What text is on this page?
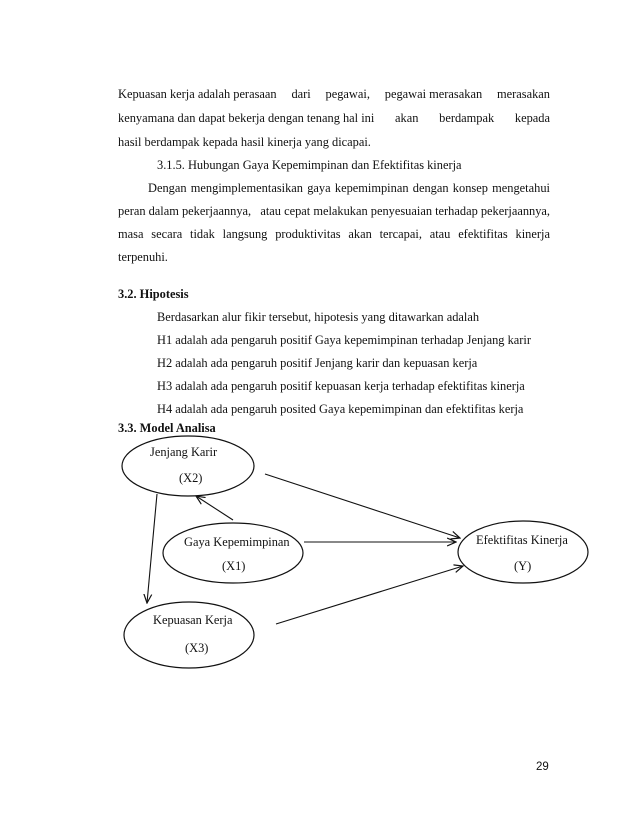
Kepuasan kerja adalah perasaan dari pegawai, pegawai merasakan merasakan
kenyamana dan dapat bekerja dengan tenang hal ini akan berdampak kepada
hasil berdampak kepada hasil kinerja yang dicapai.
3.1.5. Hubungan Gaya Kepemimpinan dan Efektifitas kinerja
Dengan mengimplementasikan gaya kepemimpinan dengan konsep mengetahui
peran dalam pekerjaannya, atau cepat melakukan penyesuaian terhadap pekerjaannya,
masa secara tidak langsung produktivitas akan tercapai, atau efektifitas kinerja
terpenuhi.
3.2. Hipotesis
Berdasarkan alur fikir tersebut, hipotesis yang ditawarkan adalah
H1 adalah ada pengaruh positif Gaya kepemimpinan terhadap Jenjang karir
H2 adalah ada pengaruh positif Jenjang karir dan kepuasan kerja
H3 adalah ada pengaruh positif kepuasan kerja terhadap efektifitas kinerja
H4 adalah ada pengaruh posited Gaya kepemimpinan dan efektifitas kerja
3.3. Model Analisa
Jenjang Karir
(X2)
Gaya Kepemimpinan
(X1)
Kepuasan Kerja
(X3)
Efektifitas Kinerja
(Y)
29
